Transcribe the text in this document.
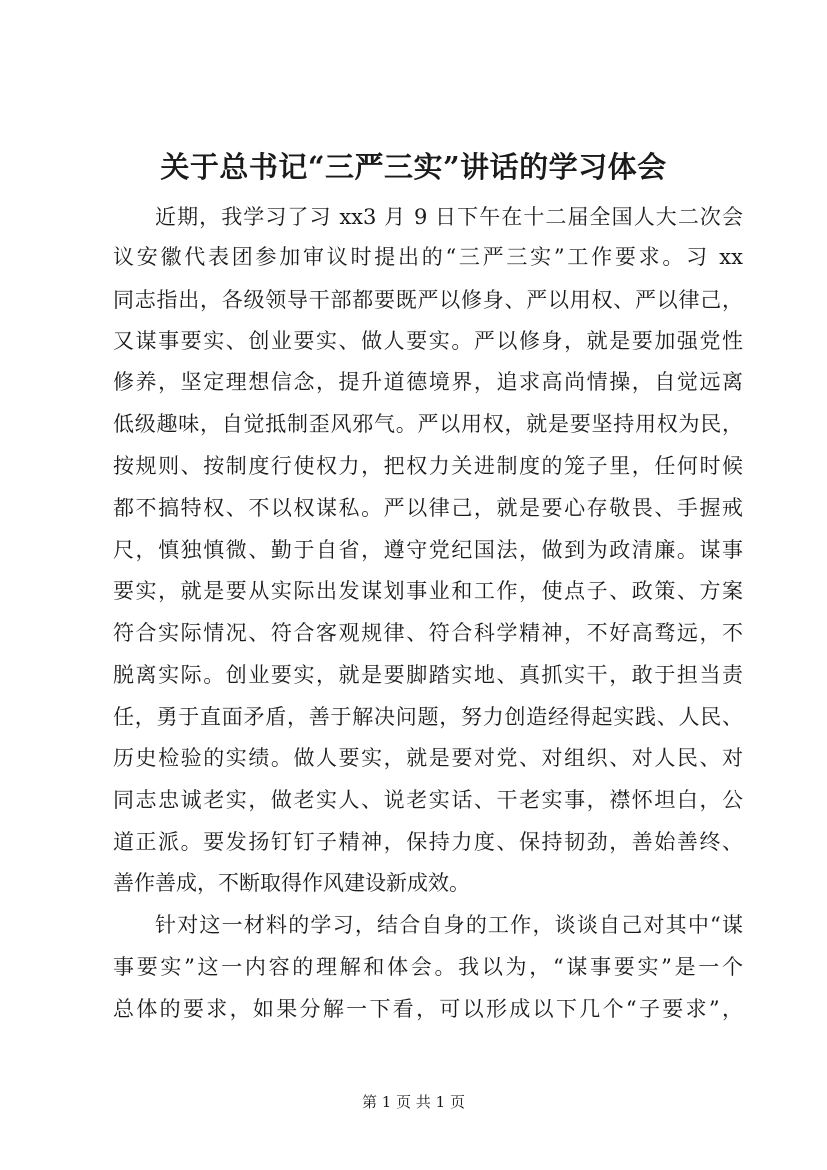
关于总书记“三严三实”讲话的学习体会
近期，我学习了习 xx3 月 9 日下午在十二届全国人大二次会
议安徽代表团参加审议时提出的“三严三实”工作要求。习 xx
同志指出，各级领导干部都要既严以修身、严以用权、严以律己，
又谋事要实、创业要实、做人要实。严以修身，就是要加强党性
修养，坚定理想信念，提升道德境界，追求高尚情操，自觉远离
低级趣味，自觉抵制歪风邪气。严以用权，就是要坚持用权为民，
按规则、按制度行使权力，把权力关进制度的笼子里，任何时候
都不搞特权、不以权谋私。严以律己，就是要心存敬畏、手握戒
尺，慎独慎微、勤于自省，遵守党纪国法，做到为政清廉。谋事
要实，就是要从实际出发谋划事业和工作，使点子、政策、方案
符合实际情况、符合客观规律、符合科学精神，不好高骛远，不
脱离实际。创业要实，就是要脚踏实地、真抓实干，敢于担当责
任，勇于直面矛盾，善于解决问题，努力创造经得起实践、人民、
历史检验的实绩。做人要实，就是要对党、对组织、对人民、对
同志忠诚老实，做老实人、说老实话、干老实事，襟怀坦白，公
道正派。要发扬钉钉子精神，保持力度、保持韧劲，善始善终、
善作善成，不断取得作风建设新成效。
针对这一材料的学习，结合自身的工作，谈谈自己对其中“谋
事要实”这一内容的理解和体会。我以为，“谋事要实”是一个
总体的要求，如果分解一下看，可以形成以下几个“子要求”，
第 1 页 共 1 页
